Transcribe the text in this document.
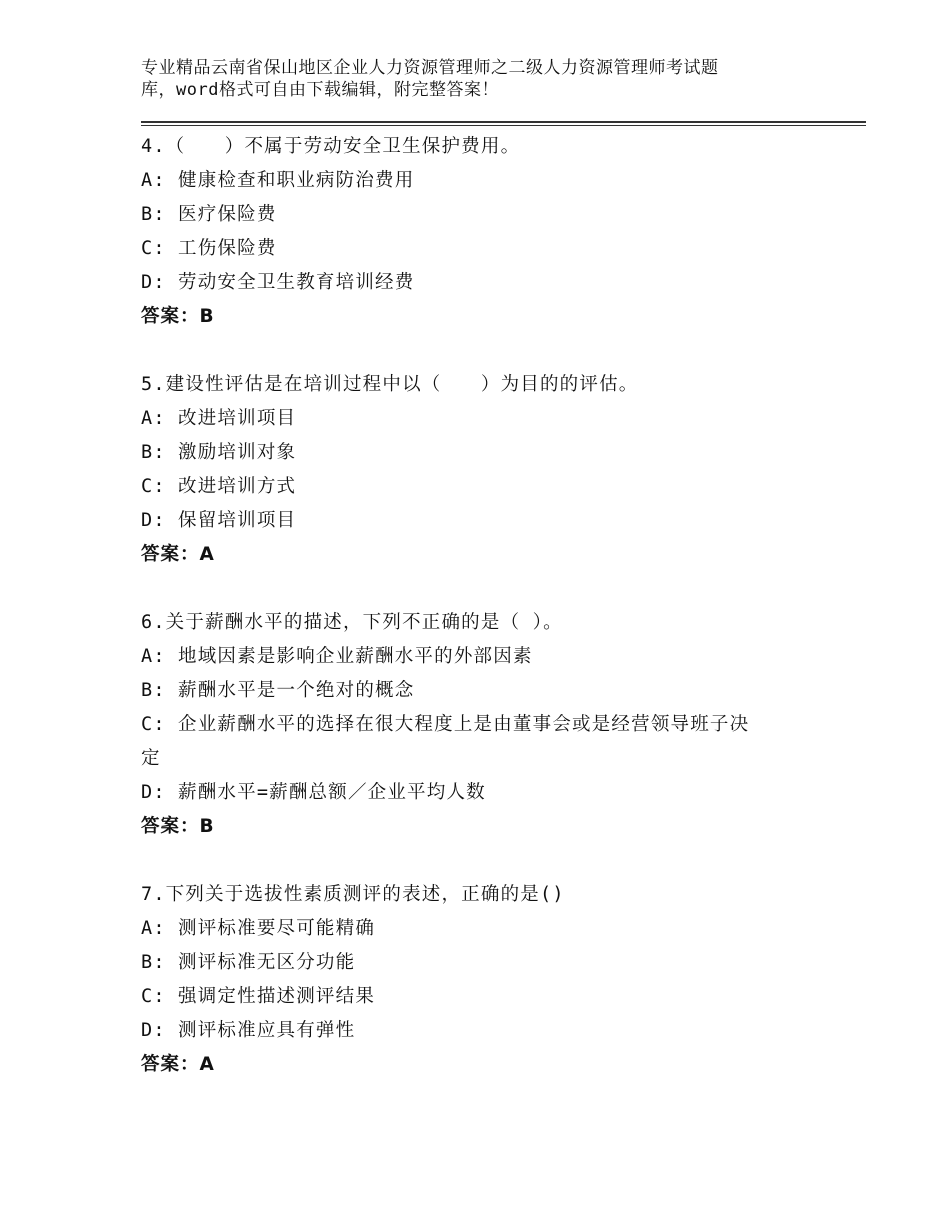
专业精品云南省保山地区企业人力资源管理师之二级人力资源管理师考试题
库，word格式可自由下载编辑，附完整答案！
4.（　　）不属于劳动安全卫生保护费用。
A: 健康检查和职业病防治费用
B: 医疗保险费
C: 工伤保险费
D: 劳动安全卫生教育培训经费
答案：B
5.建设性评估是在培训过程中以（　　）为目的的评估。
A: 改进培训项目
B: 激励培训对象
C: 改进培训方式
D: 保留培训项目
答案：A
6.关于薪酬水平的描述，下列不正确的是（ ）。
A: 地域因素是影响企业薪酬水平的外部因素
B: 薪酬水平是一个绝对的概念
C: 企业薪酬水平的选择在很大程度上是由董事会或是经营领导班子决
定
D: 薪酬水平=薪酬总额／企业平均人数
答案：B
7.下列关于选拔性素质测评的表述，正确的是()
A: 测评标准要尽可能精确
B: 测评标准无区分功能
C: 强调定性描述测评结果
D: 测评标准应具有弹性
答案：A
